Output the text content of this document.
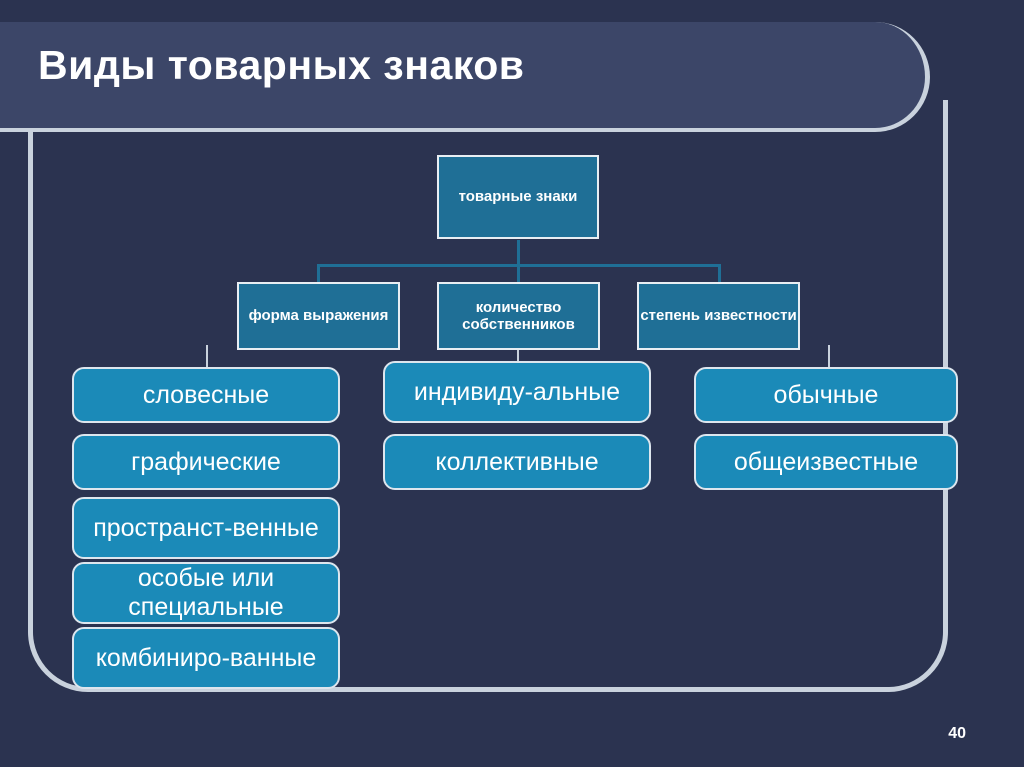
Виды товарных знаков
товарные знаки
форма выражения
количество собственников
степень известности
словесные
графические
пространст-венные
особые или специальные
комбиниро-ванные
индивиду-альные
коллективные
обычные
общеизвестные
40
